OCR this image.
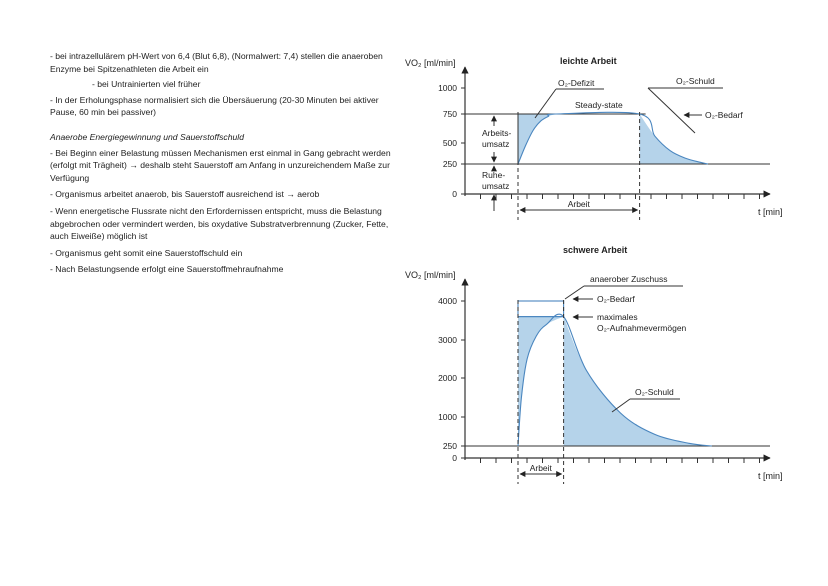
- bei intrazellulärem pH-Wert von 6,4 (Blut 6,8), (Normalwert: 7,4) stellen die anaeroben Enzyme bei Spitzenathleten die Arbeit ein

- bei Untrainierten viel früher

- In der Erholungsphase normalisiert sich die Übersäuerung (20-30 Minuten bei aktiver Pause, 60 min bei passiver)

Anaerobe Energiegewinnung und Sauerstoffschuld

- Bei Beginn einer Belastung müssen Mechanismen erst einmal in Gang gebracht werden (erfolgt mit Trägheit) → deshalb steht Sauerstoff am Anfang in unzureichendem Maße zur Verfügung

- Organismus arbeitet anaerob, bis Sauerstoff ausreichend ist → aerob

- Wenn energetische Flussrate nicht den Erfordernissen entspricht, muss die Belastung abgebrochen oder vermindert werden, bis oxydative Substratverbrennung (Zucker, Fette, auch Eiweiße) möglich ist

- Organismus geht somit eine Sauerstoffschuld ein

- Nach Belastungsende erfolgt eine Sauerstoffmehraufnahme

0
250
500
750
1000
VO₂ [ml/min]	leichte Arbeit
t [min]
Arbeit
O₂-Defizit
Steady-state
O₂-Schuld
O₂-Bedarf
Arbeits-umsatz
Ruhe-umsatz
0
250
1000
2000
3000
4000
VO₂ [ml/min]
schwere Arbeit
t [min]
Arbeit
anaerober Zuschuss
O₂-Bedarf
maximales
O₂-Aufnahmevermögen
O₂-Schuld
